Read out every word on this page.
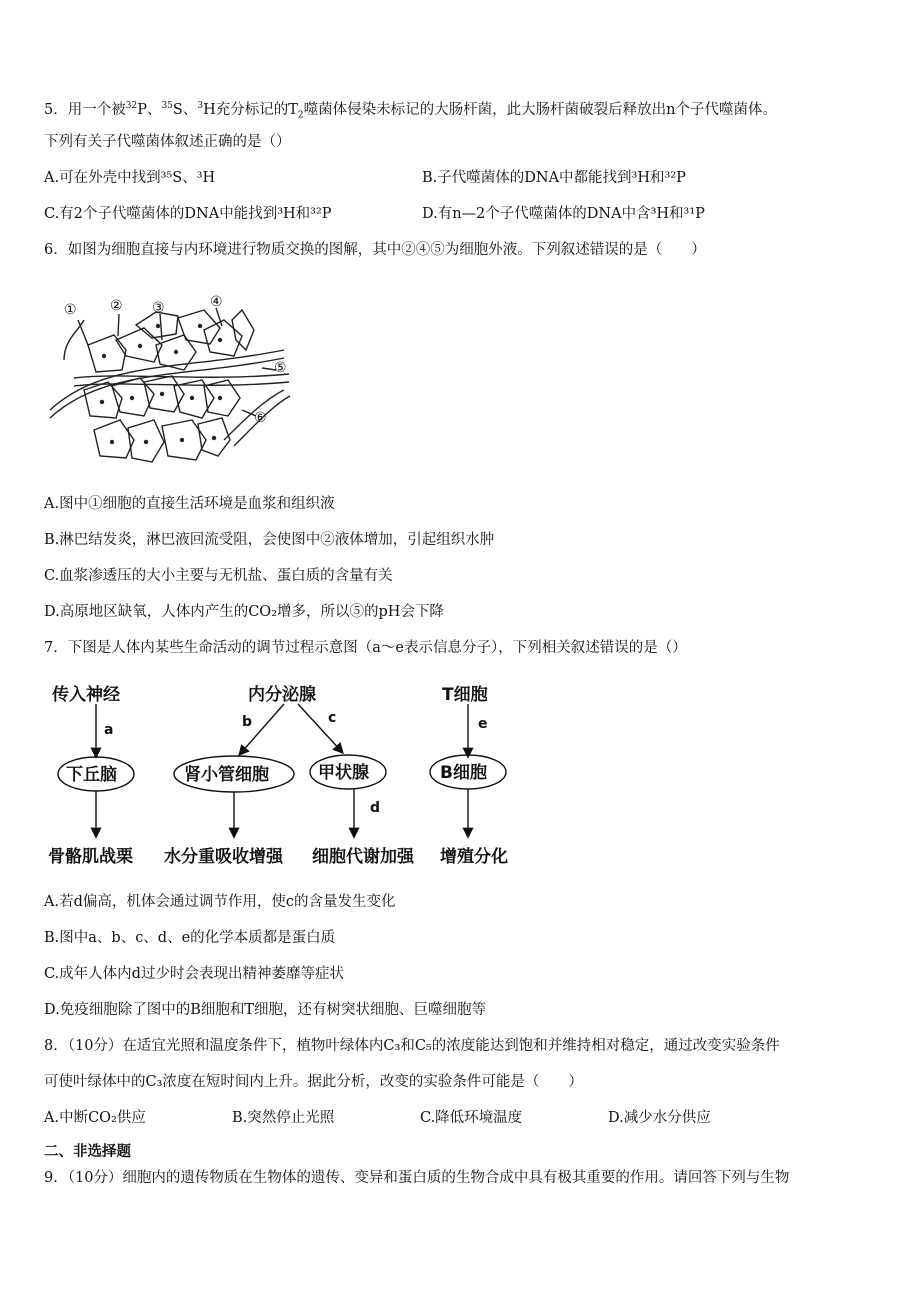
5．用一个被$^{32}$P、$^{35}$S、$^3$H充分标记的$T_2$噬菌体侵染未标记的大肠杆菌，此大肠杆菌破裂后释放出n个子代噬菌体。
下列有关子代噬菌体叙述正确的是（）
A.可在外壳中找到³⁵S、³H	B.子代噬菌体的DNA中都能找到³H和³²P
C.有2个子代噬菌体的DNA中能找到³H和³²P	D.有n—2个子代噬菌体的DNA中含³H和³¹P
6．如图为细胞直接与内环境进行物质交换的图解，其中②④⑤为细胞外液。下列叙述错误的是（　　）
① ② ③	④
⑤
⑥
A.图中①细胞的直接生活环境是血浆和组织液
B.淋巴结发炎，淋巴液回流受阻，会使图中②液体增加，引起组织水肿
C.血浆渗透压的大小主要与无机盐、蛋白质的含量有关
D.高原地区缺氧，人体内产生的CO₂增多，所以⑤的pH会下降
7．下图是人体内某些生命活动的调节过程示意图（a～e表示信息分子），下列相关叙述错误的是（）
传入神经
a
下丘脑
骨骼肌战栗
内分泌腺
b	c
肾小管细胞
水分重吸收增强
甲状腺
d
细胞代谢加强
T细胞
e
B细胞
增殖分化
A.若d偏高，机体会通过调节作用，使c的含量发生变化
B.图中a、b、c、d、e的化学本质都是蛋白质
C.成年人体内d过少时会表现出精神萎靡等症状
D.免疫细胞除了图中的B细胞和T细胞，还有树突状细胞、巨噬细胞等
8．（10分）在适宜光照和温度条件下，植物叶绿体内C₃和C₅的浓度能达到饱和并维持相对稳定，通过改变实验条件
可使叶绿体中的C₃浓度在短时间内上升。据此分析，改变的实验条件可能是（　　）
A.中断CO₂供应	B.突然停止光照	C.降低环境温度	D.减少水分供应
二、非选择题
9．（10分）细胞内的遗传物质在生物体的遗传、变异和蛋白质的生物合成中具有极其重要的作用。请回答下列与生物
